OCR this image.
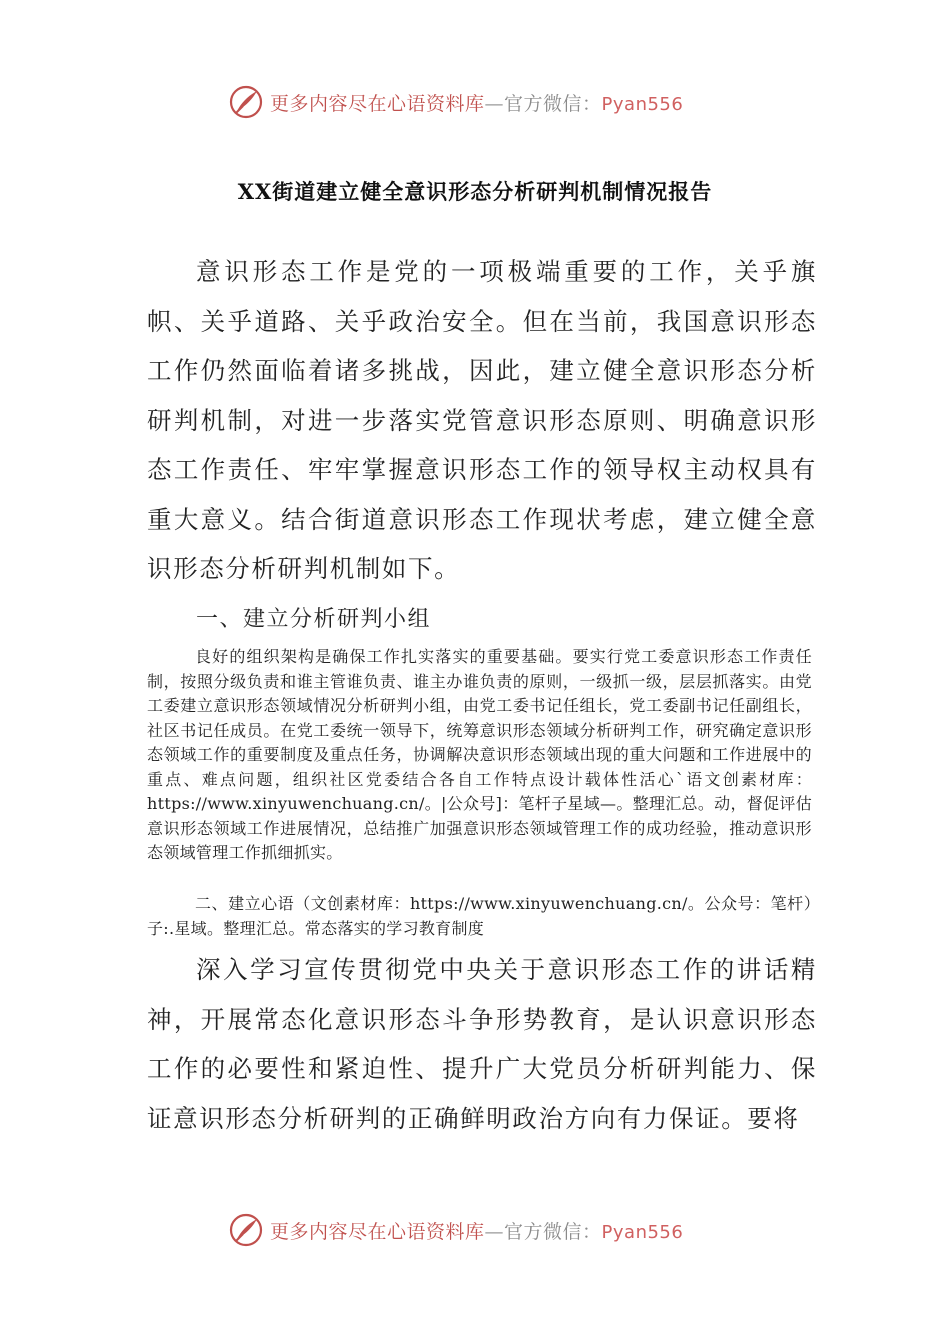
更多内容尽在心语资料库—官方微信：Pyan556
XX街道建立健全意识形态分析研判机制情况报告

意识形态工作是党的一项极端重要的工作，关乎旗帜、关乎道路、关乎政治安全。但在当前，我国意识形态工作仍然面临着诸多挑战，因此，建立健全意识形态分析研判机制，对进一步落实党管意识形态原则、明确意识形态工作责任、牢牢掌握意识形态工作的领导权主动权具有重大意义。结合街道意识形态工作现状考虑，建立健全意识形态分析研判机制如下。

一、建立分析研判小组

良好的组织架构是确保工作扎实落实的重要基础。要实行党工委意识形态工作责任制，按照分级负责和谁主管谁负责、谁主办谁负责的原则，一级抓一级，层层抓落实。由党工委建立意识形态领域情况分析研判小组，由党工委书记任组长，党工委副书记任副组长，社区书记任成员。在党工委统一领导下，统筹意识形态领域分析研判工作，研究确定意识形态领域工作的重要制度及重点任务，协调解决意识形态领域出现的重大问题和工作进展中的重点、难点问题，组织社区党委结合各自工作特点设计载体性活心`语文创素材库：https://www.xinyuwenchuang.cn/。|公众号]：笔杆子星域—。整理汇总。动，督促评估意识形态领域工作进展情况，总结推广加强意识形态领域管理工作的成功经验，推动意识形态领域管理工作抓细抓实。

二、建立心语（文创素材库：https://www.xinyuwenchuang.cn/。公众号：笔杆）子:.星域。整理汇总。常态落实的学习教育制度

深入学习宣传贯彻党中央关于意识形态工作的讲话精神，开展常态化意识形态斗争形势教育，是认识意识形态工作的必要性和紧迫性、提升广大党员分析研判能力、保证意识形态分析研判的正确鲜明政治方向有力保证。要将

更多内容尽在心语资料库—官方微信：Pyan556
